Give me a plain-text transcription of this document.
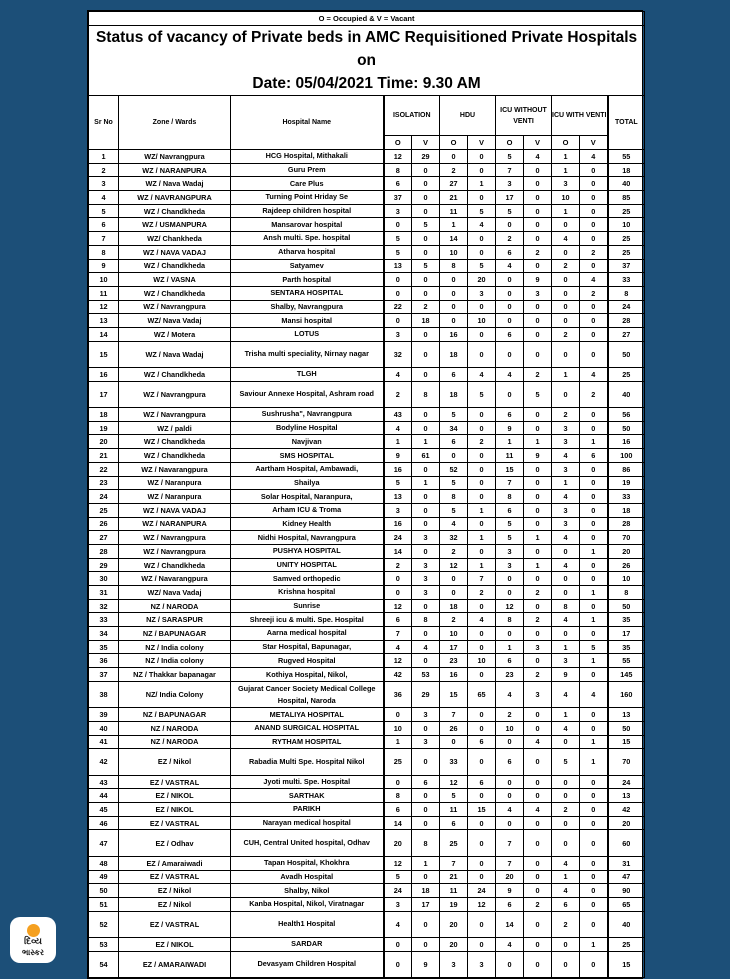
O = Occupied & V = Vacant											
Status of vacancy of Private beds in AMC Requisitioned Private Hospitals on
Date: 05/04/2021 Time: 9.30 AM											
Sr No	Zone / Wards	Hospital Name	ISOLATION		HDU		ICU WITHOUT VENTI		ICU WITH VENTI		TOTAL
			O	V	O	V	O	V	O	V	
1	WZ/ Navrangpura	HCG Hospital, Mithakali	12	29	0	0	5	4	1	4	55
2	WZ / NARANPURA	Guru Prem	8	0	2	0	7	0	1	0	18
3	WZ / Nava Wadaj	Care Plus	6	0	27	1	3	0	3	0	40
4	WZ / NAVRANGPURA	Turning Point Hriday Se	37	0	21	0	17	0	10	0	85
5	WZ / Chandkheda	Rajdeep children hospital	3	0	11	5	5	0	1	0	25
6	WZ / USMANPURA	Mansarovar hospital	0	5	1	4	0	0	0	0	10
7	WZ/ Chankheda	Ansh multi. Spe. hospital	5	0	14	0	2	0	4	0	25
8	WZ / NAVA VADAJ	Atharva hospital	5	0	10	0	6	2	0	2	25
9	WZ / Chandkheda	Satyamev	13	5	8	5	4	0	2	0	37
10	WZ / VASNA	Parth hospital	0	0	0	20	0	9	0	4	33
11	WZ / Chandkheda	SENTARA HOSPITAL	0	0	0	3	0	3	0	2	8
12	WZ / Navrangpura	Shalby, Navrangpura	22	2	0	0	0	0	0	0	24
13	WZ/ Nava Vadaj	Mansi hospital	0	18	0	10	0	0	0	0	28
14	WZ / Motera	LOTUS	3	0	16	0	6	0	2	0	27
15	WZ / Nava Wadaj	Trisha multi speciality, Nirnay nagar	32	0	18	0	0	0	0	0	50
16	WZ / Chandkheda	TLGH	4	0	6	4	4	2	1	4	25
17	WZ / Navrangpura	Saviour Annexe Hospital, Ashram road	2	8	18	5	0	5	0	2	40
18	WZ / Navrangpura	Sushrusha", Navrangpura	43	0	5	0	6	0	2	0	56
19	WZ / paldi	Bodyline Hospital	4	0	34	0	9	0	3	0	50
20	WZ / Chandkheda	Navjivan	1	1	6	2	1	1	3	1	16
21	WZ / Chandkheda	SMS HOSPITAL	9	61	0	0	11	9	4	6	100
22	WZ / Navarangpura	Aartham Hospital, Ambawadi,	16	0	52	0	15	0	3	0	86
23	WZ / Naranpura	Shailya	5	1	5	0	7	0	1	0	19
24	WZ / Naranpura	Solar Hospital, Naranpura,	13	0	8	0	8	0	4	0	33
25	WZ / NAVA VADAJ	Arham ICU & Troma	3	0	5	1	6	0	3	0	18
26	WZ / NARANPURA	Kidney Health	16	0	4	0	5	0	3	0	28
27	WZ / Navrangpura	Nidhi Hospital, Navrangpura	24	3	32	1	5	1	4	0	70
28	WZ / Navrangpura	PUSHYA HOSPITAL	14	0	2	0	3	0	0	1	20
29	WZ / Chandkheda	UNITY HOSPITAL	2	3	12	1	3	1	4	0	26
30	WZ / Navarangpura	Samved orthopedic	0	3	0	7	0	0	0	0	10
31	WZ/ Nava Vadaj	Krishna hospital	0	3	0	2	0	2	0	1	8
32	NZ / NARODA	Sunrise	12	0	18	0	12	0	8	0	50
33	NZ / SARASPUR	Shreeji icu & multi. Spe. Hospital	6	8	2	4	8	2	4	1	35
34	NZ / BAPUNAGAR	Aarna medical hospital	7	0	10	0	0	0	0	0	17
35	NZ / India colony	Star Hospital, Bapunagar,	4	4	17	0	1	3	1	5	35
36	NZ / India colony	Rugved Hospital	12	0	23	10	6	0	3	1	55
37	NZ / Thakkar bapanagar	Kothiya Hospital, Nikol,	42	53	16	0	23	2	9	0	145
38	NZ/ India Colony	Gujarat Cancer Society Medical College Hospital, Naroda	36	29	15	65	4	3	4	4	160
39	NZ / BAPUNAGAR	METALIYA HOSPITAL	0	3	7	0	2	0	1	0	13
40	NZ / NARODA	ANAND SURGICAL HOSPITAL	10	0	26	0	10	0	4	0	50
41	NZ / NARODA	RYTHAM HOSPITAL	1	3	0	6	0	4	0	1	15
42	EZ / Nikol	Rabadia Multi Spe. Hospital Nikol	25	0	33	0	6	0	5	1	70
43	EZ / VASTRAL	Jyoti multi. Spe. Hospital	0	6	12	6	0	0	0	0	24
44	EZ / NIKOL	SARTHAK	8	0	5	0	0	0	0	0	13
45	EZ / NIKOL	PARIKH	6	0	11	15	4	4	2	0	42
46	EZ / VASTRAL	Narayan medical hospital	14	0	6	0	0	0	0	0	20
47	EZ / Odhav	CUH, Central United hospital, Odhav	20	8	25	0	7	0	0	0	60
48	EZ / Amaraiwadi	Tapan Hospital, Khokhra	12	1	7	0	7	0	4	0	31
49	EZ / VASTRAL	Avadh Hospital	5	0	21	0	20	0	1	0	47
50	EZ / Nikol	Shalby, Nikol	24	18	11	24	9	0	4	0	90
51	EZ / Nikol	Kanba Hospital, Nikol, Viratnagar	3	17	19	12	6	2	6	0	65
52	EZ / VASTRAL	Health1 Hospital	4	0	20	0	14	0	2	0	40
53	EZ / NIKOL	SARDAR	0	0	20	0	4	0	0	1	25
54	EZ / AMARAIWADI	Devasyam Children Hospital	0	9	3	3	0	0	0	0	15
દિવ્ય
ભાસ્કર
